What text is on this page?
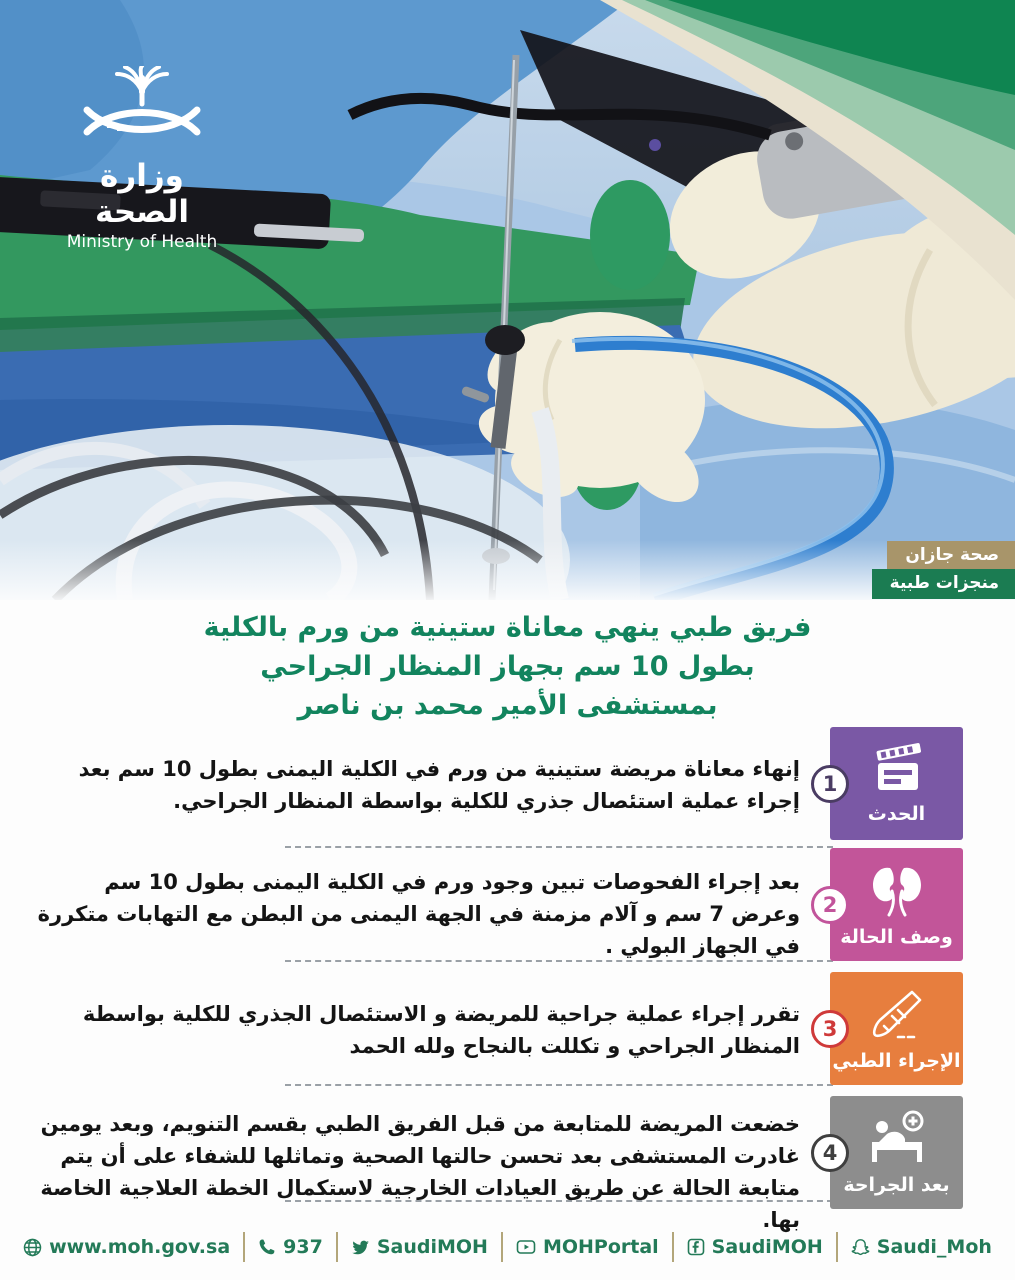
وزارة الصحة
Ministry of Health
صحة جازان
منجزات طبية
فريق طبي ينهي معاناة ستينية من ورم بالكلية
بطول 10 سم بجهاز المنظار الجراحي
بمستشفى الأمير محمد بن ناصر
الحدث
1
إنهاء معاناة مريضة ستينية من ورم في الكلية اليمنى بطول 10 سم بعد إجراء عملية استئصال جذري للكلية بواسطة المنظار الجراحي.
وصف الحالة
2
بعد إجراء الفحوصات تبين وجود ورم في الكلية اليمنى بطول 10 سم وعرض 7 سم و آلام مزمنة في الجهة اليمنى من البطن مع التهابات متكررة في الجهاز البولي .
الإجراء الطبي
3
تقرر إجراء عملية جراحية للمريضة و الاستئصال الجذري للكلية بواسطة المنظار الجراحي و تكللت بالنجاح ولله الحمد
بعد الجراحة
4
خضعت المريضة للمتابعة من قبل الفريق الطبي بقسم التنويم، وبعد يومين غادرت المستشفى بعد تحسن حالتها الصحية وتماثلها للشفاء على أن يتم متابعة الحالة عن طريق العيادات الخارجية لاستكمال الخطة العلاجية الخاصة بها.
www.moh.gov.sa	937	SaudiMOH	MOHPortal	SaudiMOH	Saudi_Moh
